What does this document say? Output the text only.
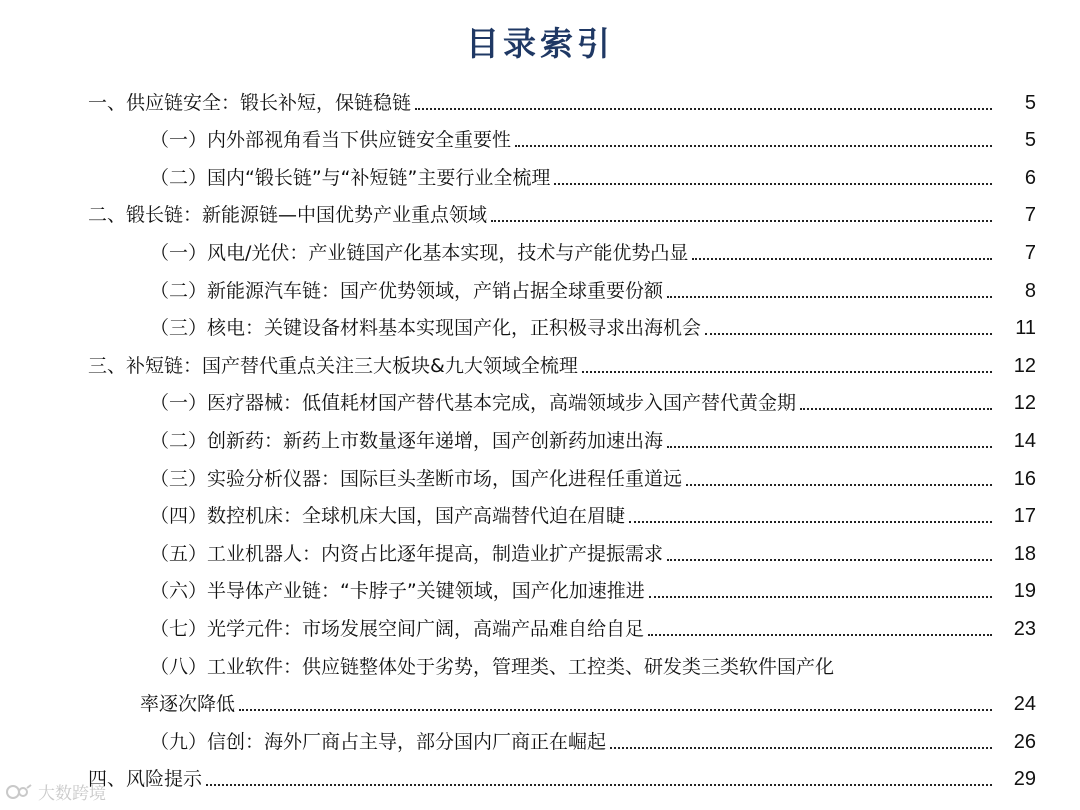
目录索引
一、供应链安全：锻长补短，保链稳链	5
（一）内外部视角看当下供应链安全重要性	5
（二）国内“锻长链”与“补短链”主要行业全梳理	6
二、锻长链：新能源链—中国优势产业重点领域	7
（一）风电/光伏：产业链国产化基本实现，技术与产能优势凸显	7
（二）新能源汽车链：国产优势领域，产销占据全球重要份额	8
（三）核电：关键设备材料基本实现国产化，正积极寻求出海机会	11
三、补短链：国产替代重点关注三大板块&九大领域全梳理	12
（一）医疗器械：低值耗材国产替代基本完成，高端领域步入国产替代黄金期	12
（二）创新药：新药上市数量逐年递增，国产创新药加速出海	14
（三）实验分析仪器：国际巨头垄断市场，国产化进程任重道远	16
（四）数控机床：全球机床大国，国产高端替代迫在眉睫	17
（五）工业机器人：内资占比逐年提高，制造业扩产提振需求	18
（六）半导体产业链：“卡脖子”关键领域，国产化加速推进	19
（七）光学元件：市场发展空间广阔，高端产品难自给自足	23
（八）工业软件：供应链整体处于劣势，管理类、工控类、研发类三类软件国产化
率逐次降低	24
（九）信创：海外厂商占主导，部分国内厂商正在崛起	26
四、风险提示	29
大数跨境
